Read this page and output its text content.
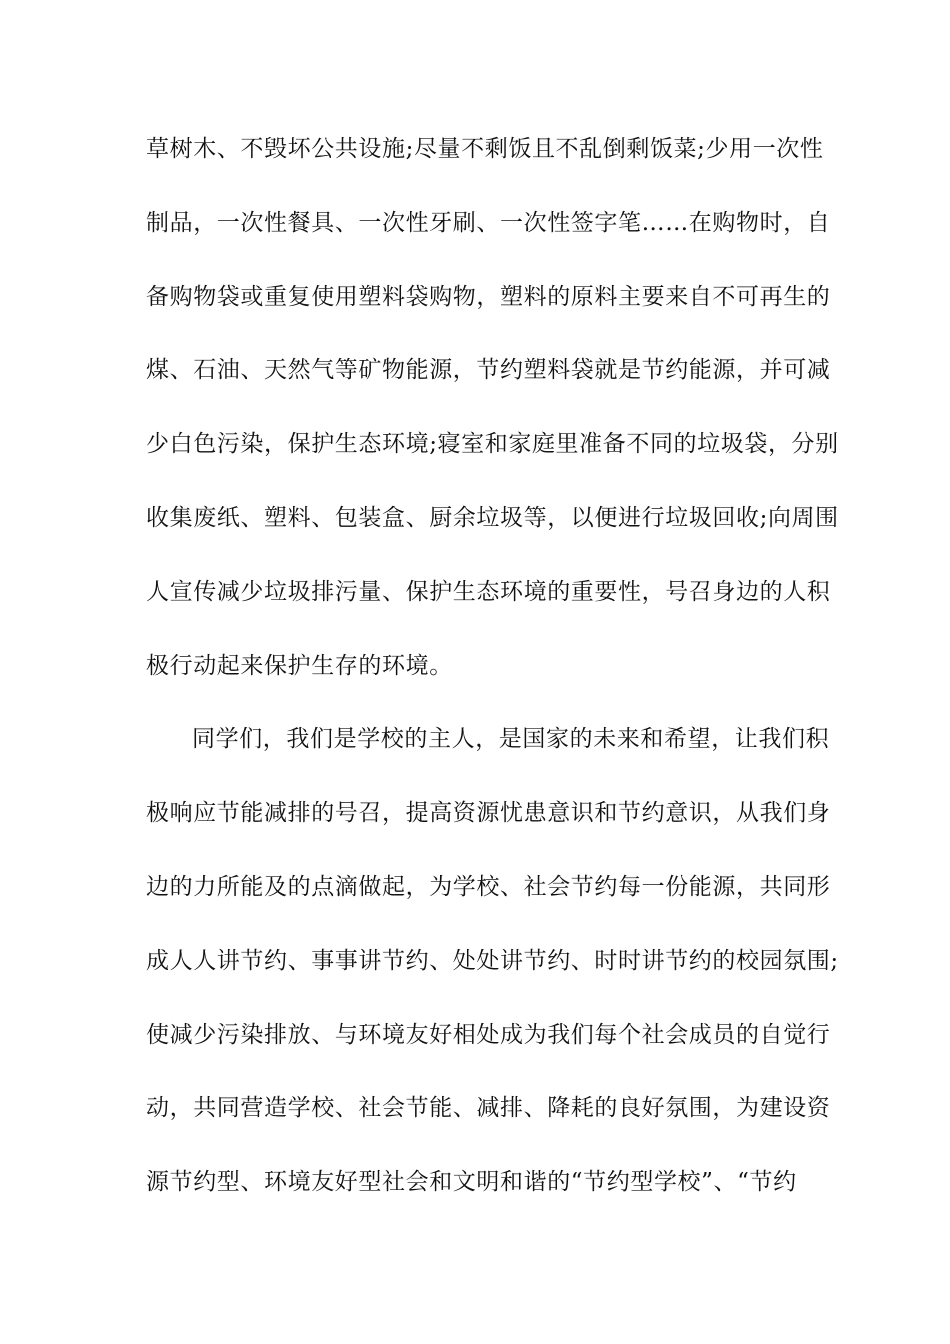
草树木、不毁坏公共设施;尽量不剩饭且不乱倒剩饭菜;少用一次性
制品，一次性餐具、一次性牙刷、一次性签字笔……在购物时，自
备购物袋或重复使用塑料袋购物，塑料的原料主要来自不可再生的
煤、石油、天然气等矿物能源，节约塑料袋就是节约能源，并可减
少白色污染，保护生态环境;寝室和家庭里准备不同的垃圾袋，分别
收集废纸、塑料、包装盒、厨余垃圾等，以便进行垃圾回收;向周围
人宣传减少垃圾排污量、保护生态环境的重要性，号召身边的人积
极行动起来保护生存的环境。
同学们，我们是学校的主人，是国家的未来和希望，让我们积
极响应节能减排的号召，提高资源忧患意识和节约意识，从我们身
边的力所能及的点滴做起，为学校、社会节约每一份能源，共同形
成人人讲节约、事事讲节约、处处讲节约、时时讲节约的校园氛围;
使减少污染排放、与环境友好相处成为我们每个社会成员的自觉行
动，共同营造学校、社会节能、减排、降耗的良好氛围，为建设资
源节约型、环境友好型社会和文明和谐的“节约型学校”、“节约
